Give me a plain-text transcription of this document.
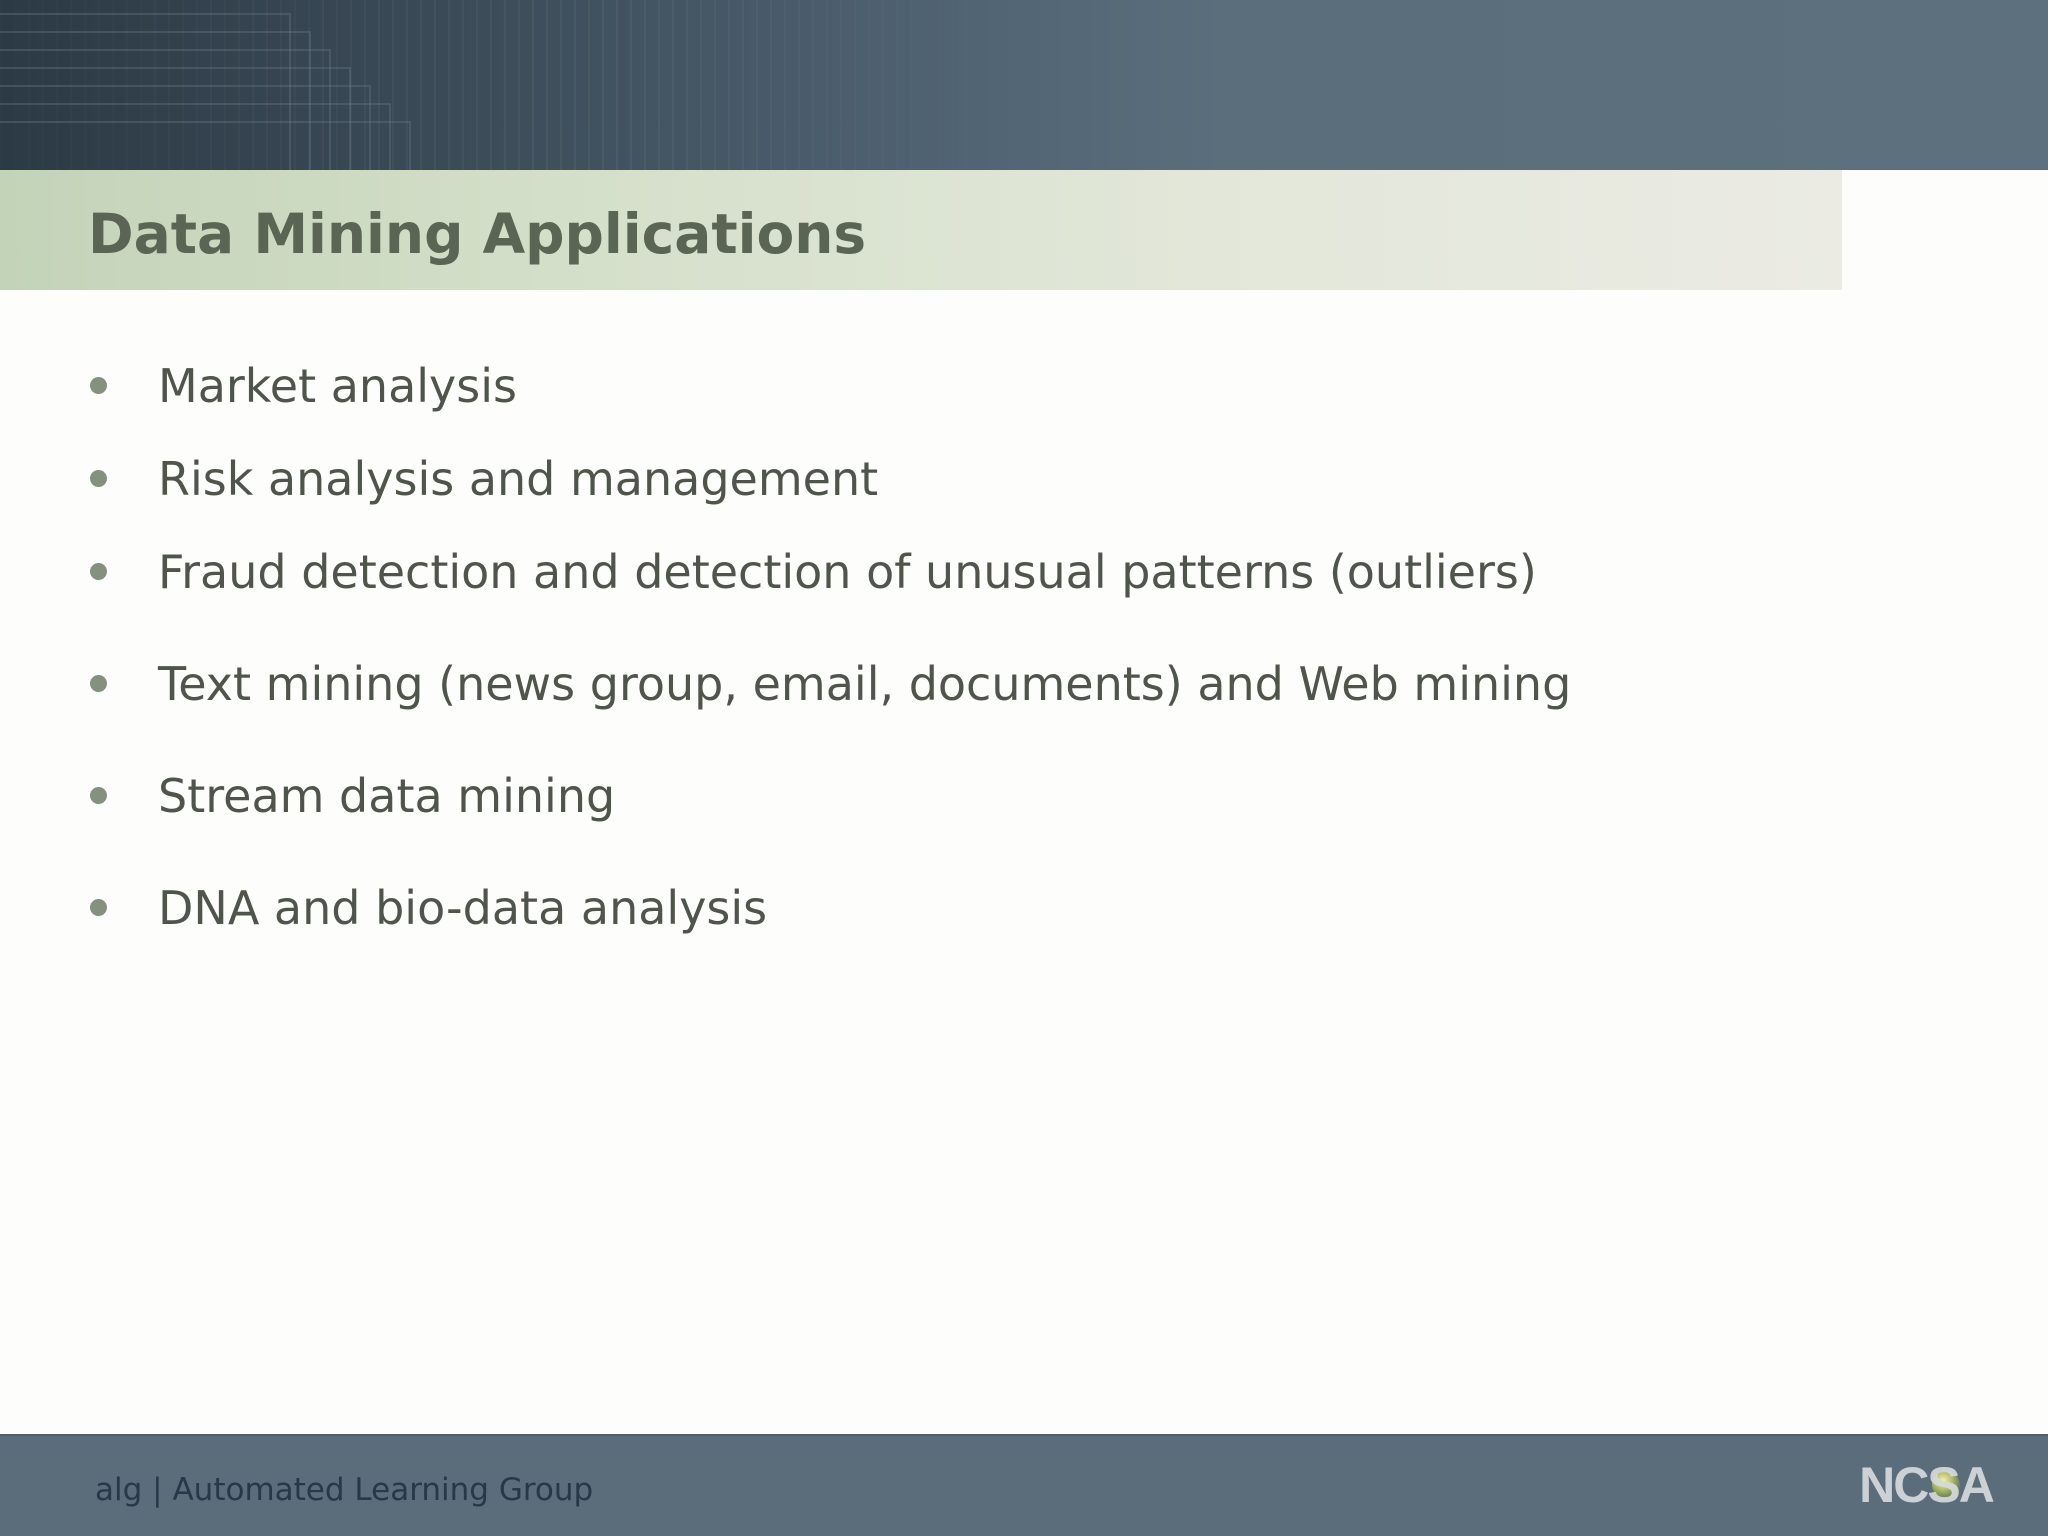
Data Mining Applications
Market analysis
Risk analysis and management
Fraud detection and detection of unusual patterns (outliers)
Text mining (news group, email, documents) and Web mining
Stream data mining
DNA and bio-data analysis
alg | Automated Learning Group	NCSA
